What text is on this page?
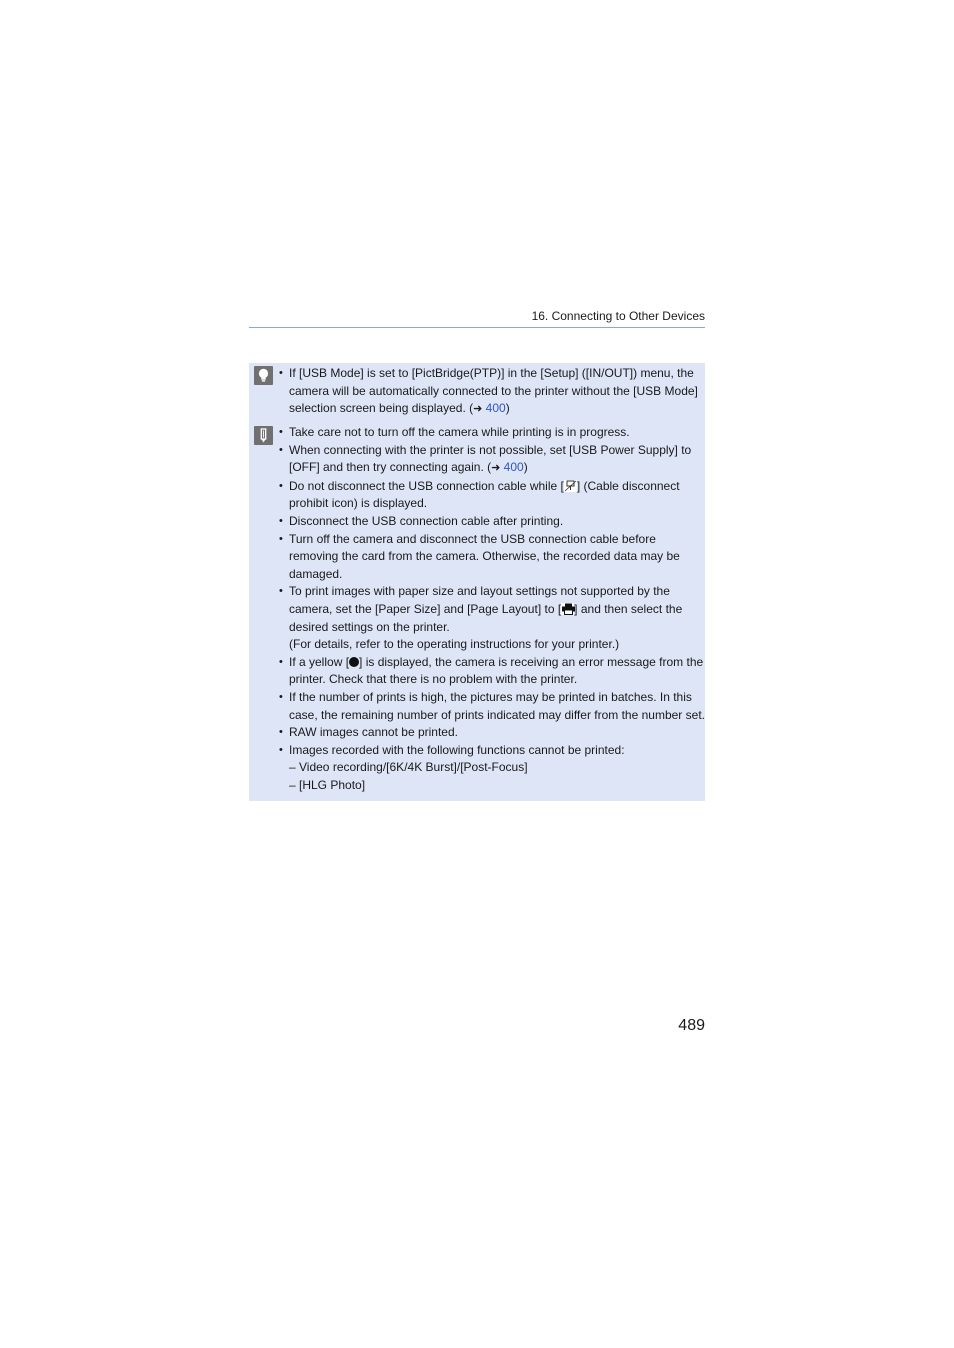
16. Connecting to Other Devices
• If [USB Mode] is set to [PictBridge(PTP)] in the [Setup] ([IN/OUT]) menu, the camera will be automatically connected to the printer without the [USB Mode] selection screen being displayed. (➜ 400)
• Take care not to turn off the camera while printing is in progress.
• When connecting with the printer is not possible, set [USB Power Supply] to [OFF] and then try connecting again. (➜ 400)
• Do not disconnect the USB connection cable while [ ] (Cable disconnect prohibit icon) is displayed.
• Disconnect the USB connection cable after printing.
• Turn off the camera and disconnect the USB connection cable before removing the card from the camera. Otherwise, the recorded data may be damaged.
• To print images with paper size and layout settings not supported by the camera, set the [Paper Size] and [Page Layout] to [ ] and then select the desired settings on the printer.
(For details, refer to the operating instructions for your printer.)
• If a yellow [ ] is displayed, the camera is receiving an error message from the printer. Check that there is no problem with the printer.
• If the number of prints is high, the pictures may be printed in batches. In this case, the remaining number of prints indicated may differ from the number set.
• RAW images cannot be printed.
• Images recorded with the following functions cannot be printed:
– Video recording/[6K/4K Burst]/[Post-Focus]
– [HLG Photo]
489
